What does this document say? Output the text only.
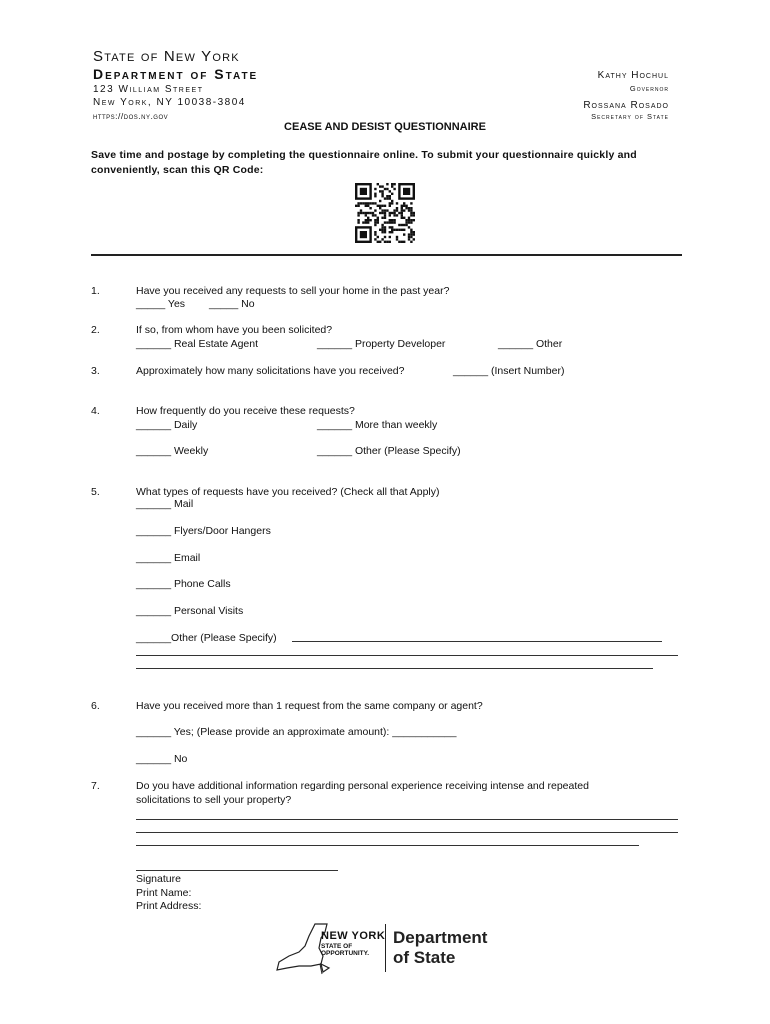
State of New York
Department of State
123 William Street
New York, NY 10038-3804
https://dos.ny.gov
Kathy Hochul
Governor
Rossana Rosado
Secretary of State
CEASE AND DESIST QUESTIONNAIRE
Save time and postage by completing the questionnaire online. To submit your questionnaire quickly and conveniently, scan this QR Code:
1.	Have you received any requests to sell your home in the past year?
_____ Yes _____ No
2.	If so, from whom have you been solicited?
______ Real Estate Agent	______ Property Developer	______ Other
3.	Approximately how many solicitations have you received?	______ (Insert Number)
4.	How frequently do you receive these requests?
______ Daily	______ More than weekly
______ Weekly	______ Other (Please Specify)
5.	What types of requests have you received? (Check all that Apply)
______ Mail
______ Flyers/Door Hangers
______ Email
______ Phone Calls
______ Personal Visits
______Other (Please Specify)
6.	Have you received more than 1 request from the same company or agent?
______ Yes; (Please provide an approximate amount): ___________
______ No
7.	Do you have additional information regarding personal experience receiving intense and repeated solicitations to sell your property?
Signature
Print Name:
Print Address:
NEW YORK
STATE OF
OPPORTUNITY.
Department
of State
